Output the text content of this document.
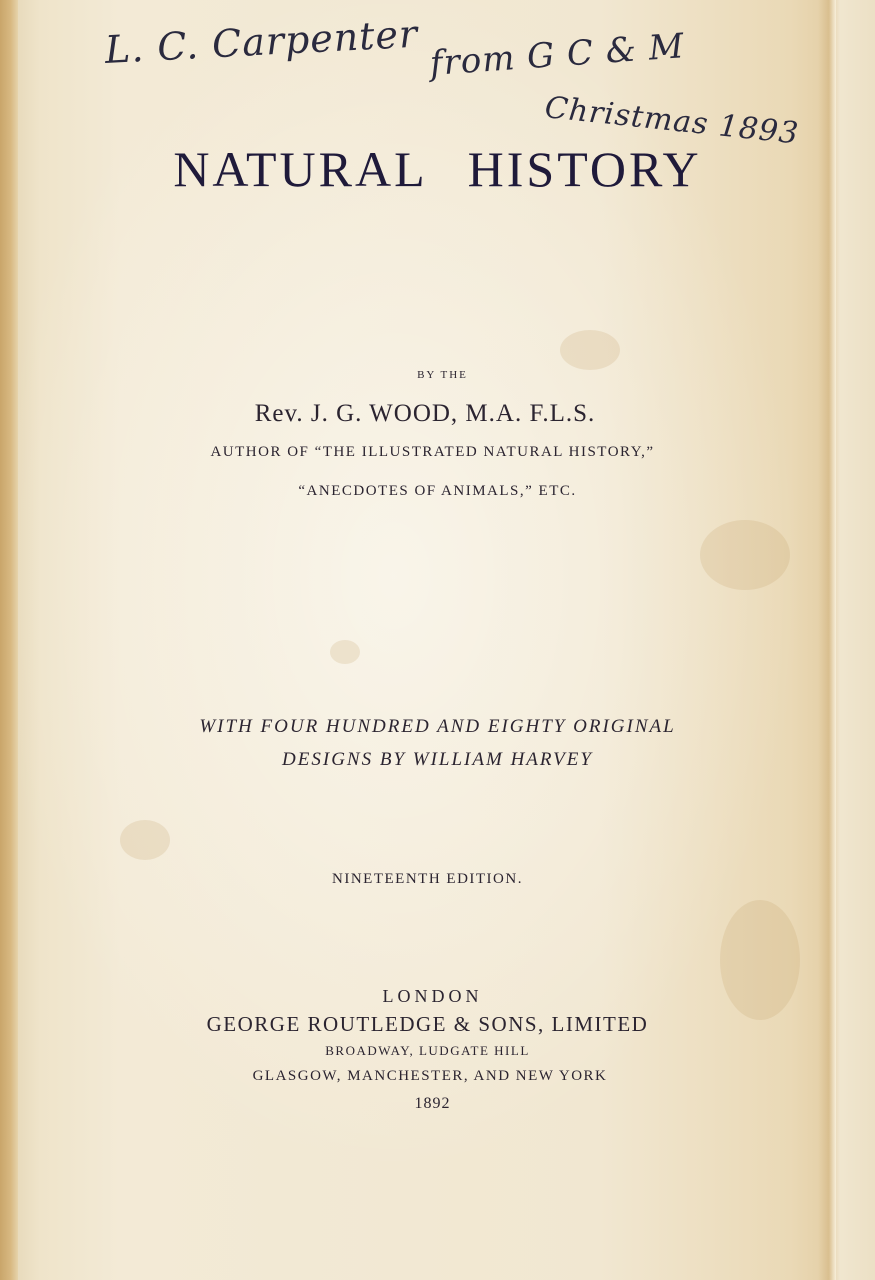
L. C. Carpenter from G C & M
Christmas 1893
NATURAL HISTORY
BY THE
Rev. J. G. WOOD, M.A. F.L.S.
AUTHOR OF “THE ILLUSTRATED NATURAL HISTORY,”
“ANECDOTES OF ANIMALS,” ETC.
WITH FOUR HUNDRED AND EIGHTY ORIGINAL
DESIGNS BY WILLIAM HARVEY
NINETEENTH EDITION.
LONDON
GEORGE ROUTLEDGE & SONS, LIMITED
BROADWAY, LUDGATE HILL
GLASGOW, MANCHESTER, AND NEW YORK
1892
